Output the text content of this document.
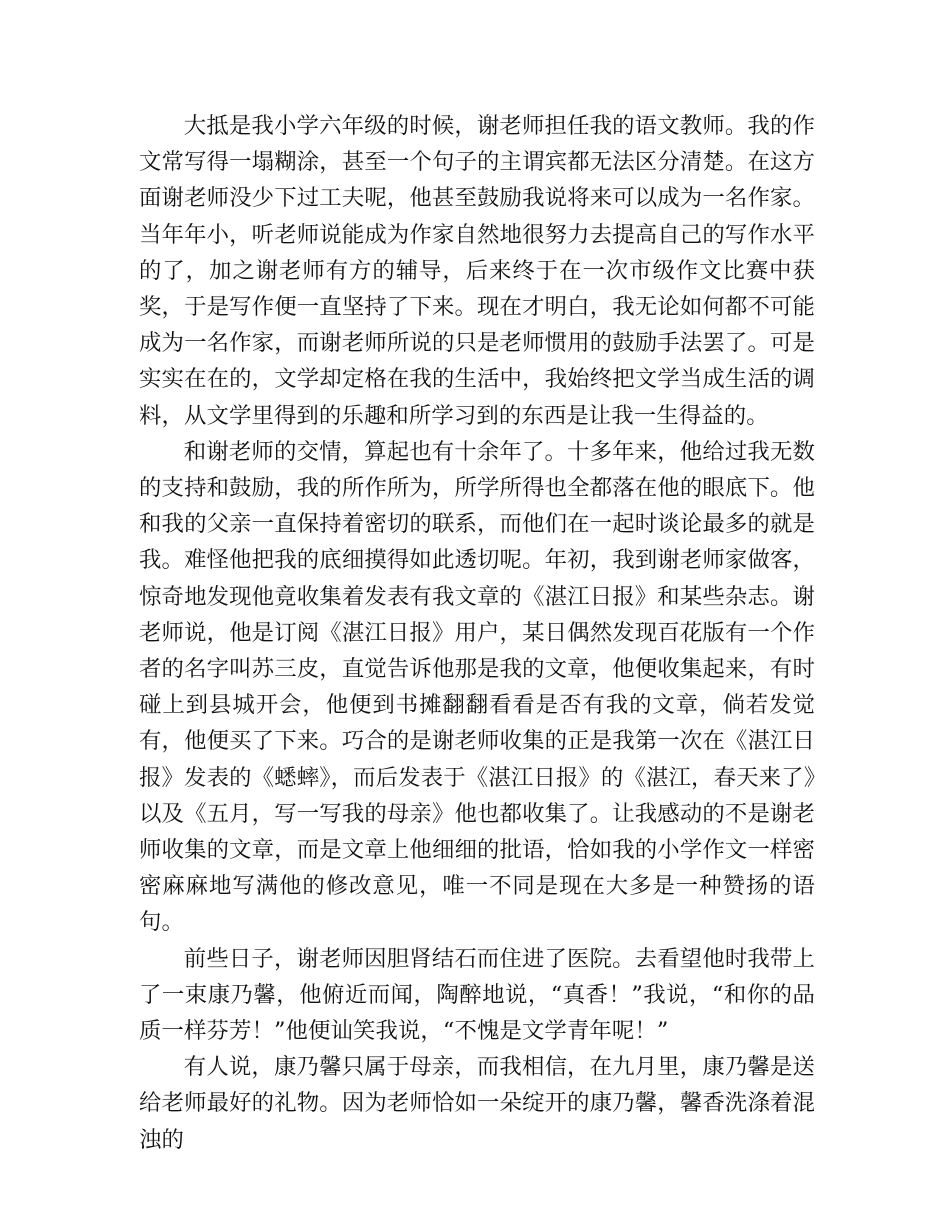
大抵是我小学六年级的时候，谢老师担任我的语文教师。我的作文常写得一塌糊涂，甚至一个句子的主谓宾都无法区分清楚。在这方面谢老师没少下过工夫呢，他甚至鼓励我说将来可以成为一名作家。当年年小，听老师说能成为作家自然地很努力去提高自己的写作水平的了，加之谢老师有方的辅导，后来终于在一次市级作文比赛中获奖，于是写作便一直坚持了下来。现在才明白，我无论如何都不可能成为一名作家，而谢老师所说的只是老师惯用的鼓励手法罢了。可是实实在在的，文学却定格在我的生活中，我始终把文学当成生活的调料，从文学里得到的乐趣和所学习到的东西是让我一生得益的。

和谢老师的交情，算起也有十余年了。十多年来，他给过我无数的支持和鼓励，我的所作所为，所学所得也全都落在他的眼底下。他和我的父亲一直保持着密切的联系，而他们在一起时谈论最多的就是我。难怪他把我的底细摸得如此透切呢。年初，我到谢老师家做客，惊奇地发现他竟收集着发表有我文章的《湛江日报》和某些杂志。谢老师说，他是订阅《湛江日报》用户，某日偶然发现百花版有一个作者的名字叫苏三皮，直觉告诉他那是我的文章，他便收集起来，有时碰上到县城开会，他便到书摊翻翻看看是否有我的文章，倘若发觉有，他便买了下来。巧合的是谢老师收集的正是我第一次在《湛江日报》发表的《蟋蟀》，而后发表于《湛江日报》的《湛江，春天来了》以及《五月，写一写我的母亲》他也都收集了。让我感动的不是谢老师收集的文章，而是文章上他细细的批语，恰如我的小学作文一样密密麻麻地写满他的修改意见，唯一不同是现在大多是一种赞扬的语句。

前些日子，谢老师因胆肾结石而住进了医院。去看望他时我带上了一束康乃馨，他俯近而闻，陶醉地说，“真香！”我说，“和你的品质一样芬芳！”他便讪笑我说，“不愧是文学青年呢！”

有人说，康乃馨只属于母亲，而我相信，在九月里，康乃馨是送给老师最好的礼物。因为老师恰如一朵绽开的康乃馨，馨香洗涤着混浊的
